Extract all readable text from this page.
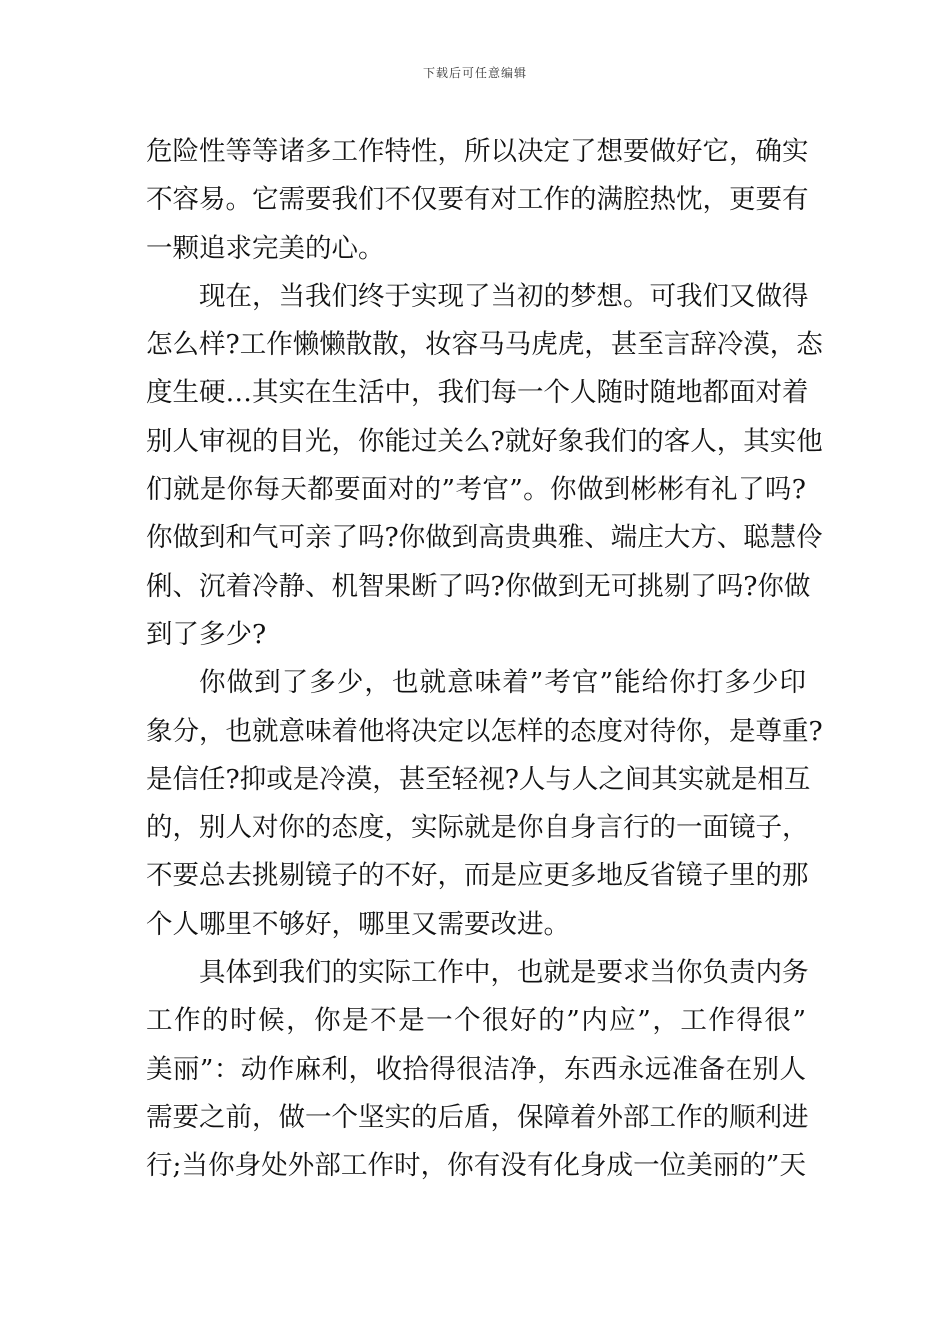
下载后可任意编辑

危险性等等诸多工作特性，所以决定了想要做好它，确实
不容易。它需要我们不仅要有对工作的满腔热忱，更要有
一颗追求完美的心。

现在，当我们终于实现了当初的梦想。可我们又做得
怎么样?工作懒懒散散，妆容马马虎虎，甚至言辞冷漠，态
度生硬…其实在生活中，我们每一个人随时随地都面对着
别人审视的目光，你能过关么?就好象我们的客人，其实他
们就是你每天都要面对的”考官”。你做到彬彬有礼了吗?
你做到和气可亲了吗?你做到高贵典雅、端庄大方、聪慧伶
俐、沉着冷静、机智果断了吗?你做到无可挑剔了吗?你做
到了多少?

你做到了多少，也就意味着”考官”能给你打多少印
象分，也就意味着他将决定以怎样的态度对待你，是尊重?
是信任?抑或是冷漠，甚至轻视?人与人之间其实就是相互
的，别人对你的态度，实际就是你自身言行的一面镜子，
不要总去挑剔镜子的不好，而是应更多地反省镜子里的那
个人哪里不够好，哪里又需要改进。

具体到我们的实际工作中，也就是要求当你负责内务
工作的时候，你是不是一个很好的”内应”，工作得很”
美丽”：动作麻利，收拾得很洁净，东西永远准备在别人
需要之前，做一个坚实的后盾，保障着外部工作的顺利进
行;当你身处外部工作时，你有没有化身成一位美丽的”天
